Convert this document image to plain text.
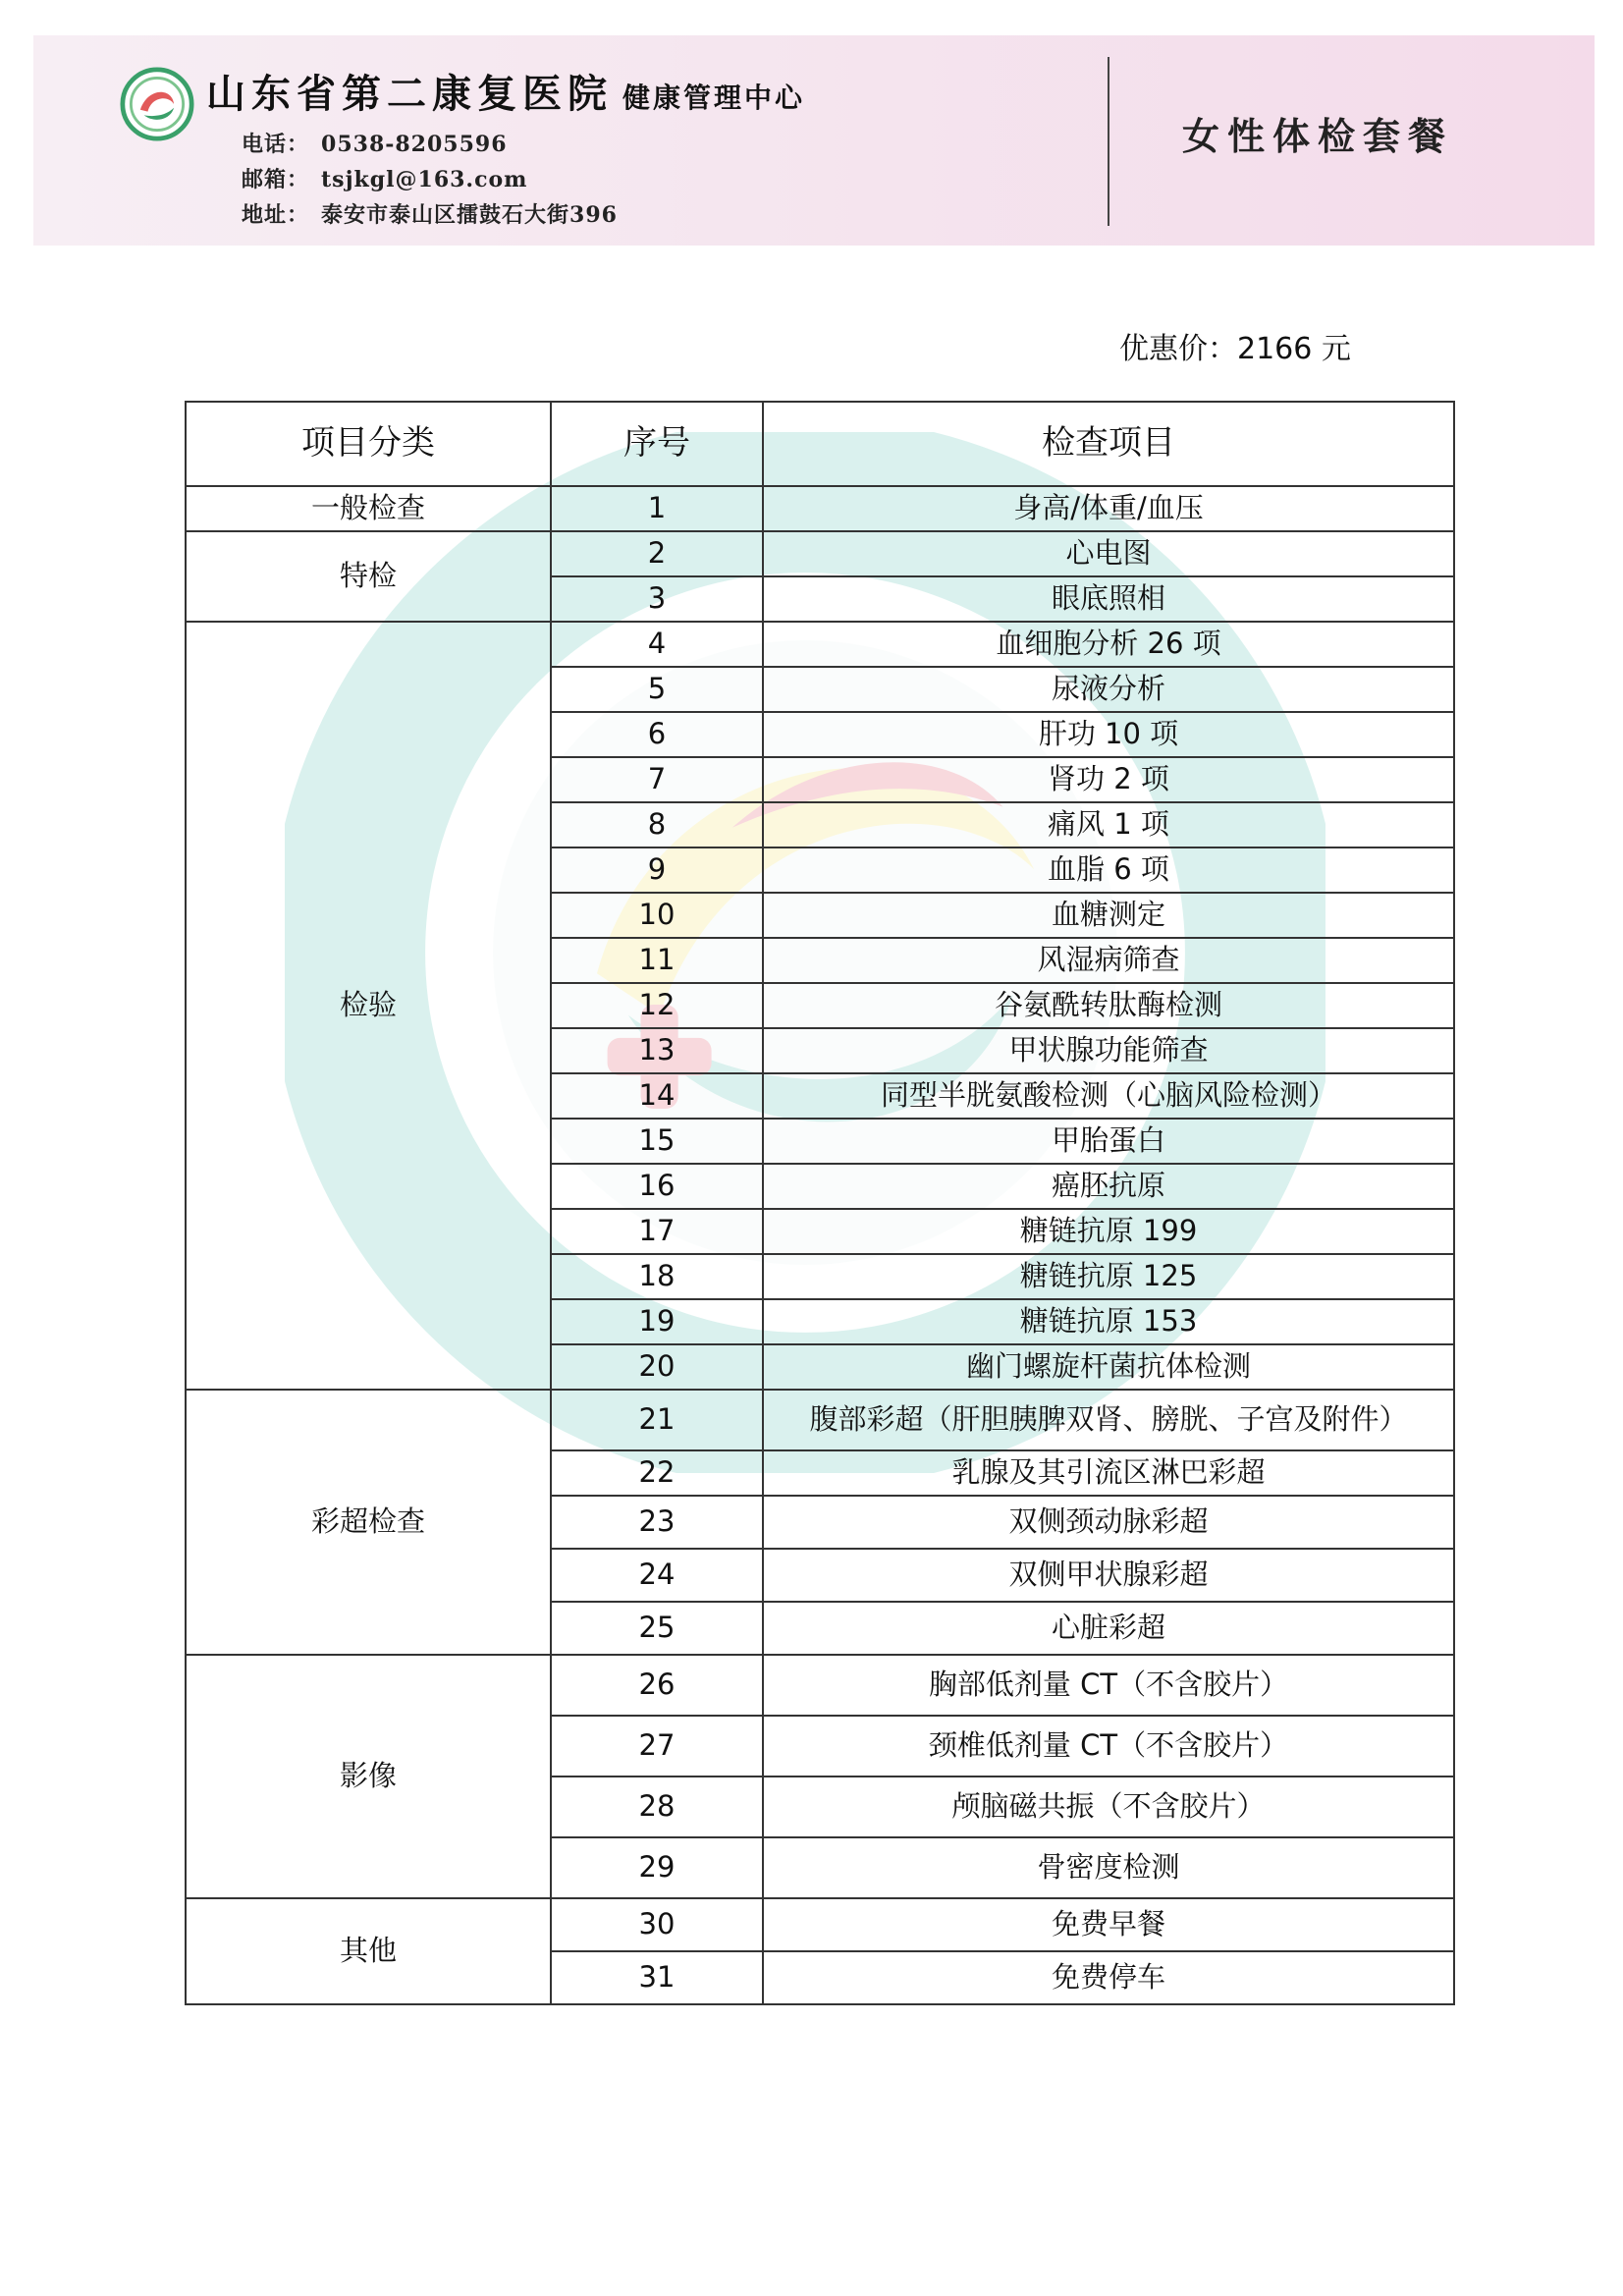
山东省第二康复医院 健康管理中心
电话： 0538-8205596
邮箱： tsjkgl@163.com
地址： 泰安市泰山区擂鼓石大街396
女性体检套餐
优惠价：2166 元
项目分类	序号	检查项目
一般检查	1	身高/体重/血压
特检	2	心电图
	3	眼底照相
检验	4	血细胞分析 26 项
	5	尿液分析
	6	肝功 10 项
	7	肾功 2 项
	8	痛风 1 项
	9	血脂 6 项
	10	血糖测定
	11	风湿病筛查
	12	谷氨酰转肽酶检测
	13	甲状腺功能筛查
	14	同型半胱氨酸检测（心脑风险检测）
	15	甲胎蛋白
	16	癌胚抗原
	17	糖链抗原 199
	18	糖链抗原 125
	19	糖链抗原 153
	20	幽门螺旋杆菌抗体检测
彩超检查	21	腹部彩超（肝胆胰脾双肾、膀胱、子宫及附件）
	22	乳腺及其引流区淋巴彩超
	23	双侧颈动脉彩超
	24	双侧甲状腺彩超
	25	心脏彩超
影像	26	胸部低剂量 CT（不含胶片）
	27	颈椎低剂量 CT（不含胶片）
	28	颅脑磁共振（不含胶片）
	29	骨密度检测
其他	30	免费早餐
	31	免费停车
